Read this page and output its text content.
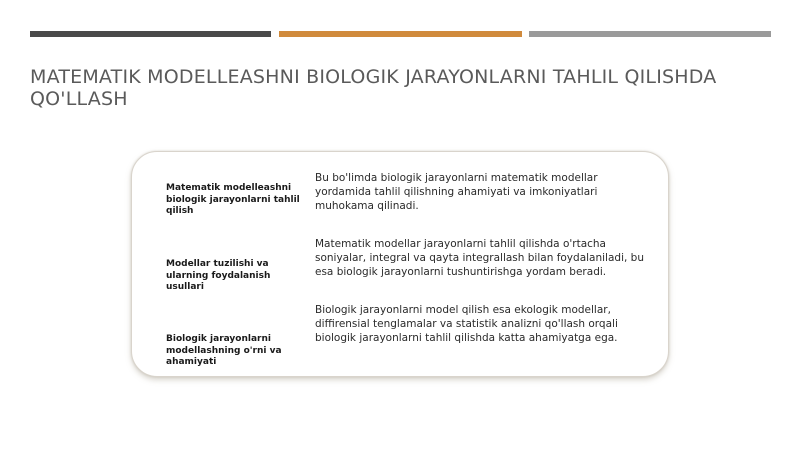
MATEMATIK MODELLEASHNI BIOLOGIK JARAYONLARNI TAHLIL QILISHDA QO'LLASH
Matematik modelleashni biologik jarayonlarni tahlil qilish
Bu bo'limda biologik jarayonlarni matematik modellar yordamida tahlil qilishning ahamiyati va imkoniyatlari muhokama qilinadi.
Modellar tuzilishi va ularning foydalanish usullari
Matematik modellar jarayonlarni tahlil qilishda o'rtacha soniyalar, integral va qayta integrallash bilan foydalaniladi, bu esa biologik jarayonlarni tushuntirishga yordam beradi.
Biologik jarayonlarni modellashning o'rni va ahamiyati
Biologik jarayonlarni model qilish esa ekologik modellar, diffirensial tenglamalar va statistik analizni qo'llash orqali biologik jarayonlarni tahlil qilishda katta ahamiyatga ega.
